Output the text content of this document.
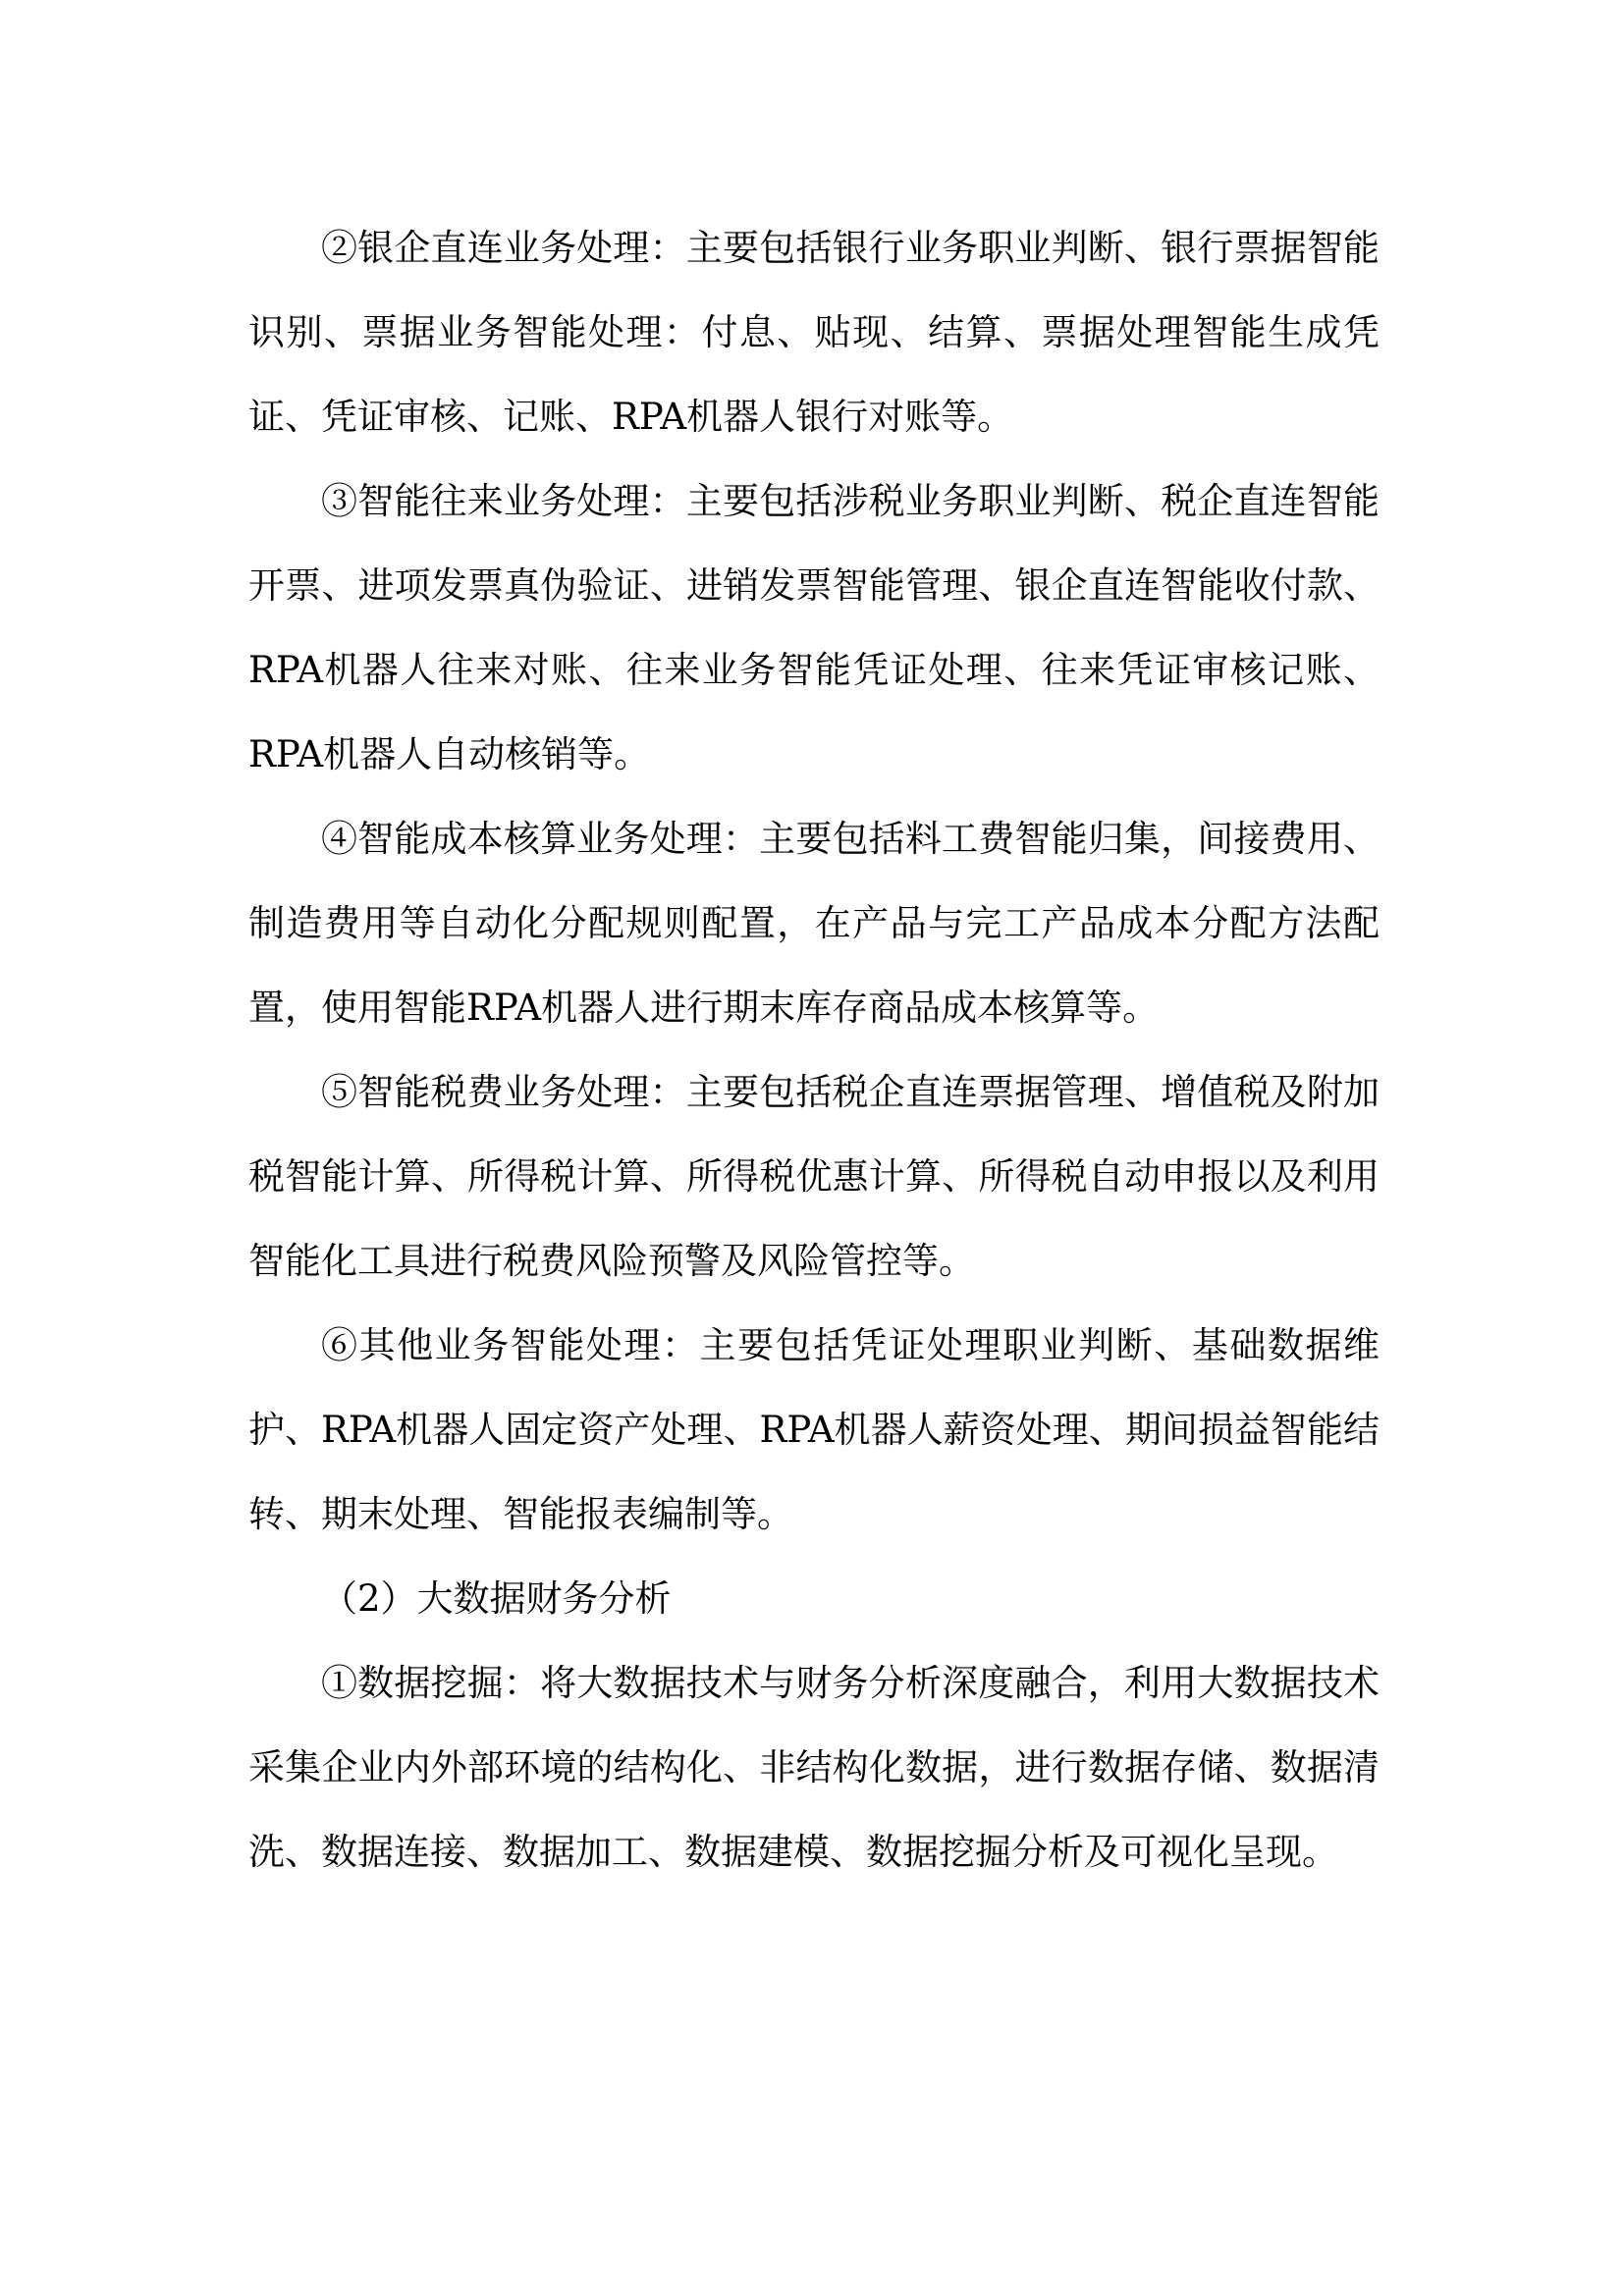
②银企直连业务处理：主要包括银行业务职业判断、银行票据智能识别、票据业务智能处理：付息、贴现、结算、票据处理智能生成凭证、凭证审核、记账、RPA机器人银行对账等。

③智能往来业务处理：主要包括涉税业务职业判断、税企直连智能开票、进项发票真伪验证、进销发票智能管理、银企直连智能收付款、RPA机器人往来对账、往来业务智能凭证处理、往来凭证审核记账、RPA机器人自动核销等。

④智能成本核算业务处理：主要包括料工费智能归集，间接费用、制造费用等自动化分配规则配置，在产品与完工产品成本分配方法配置，使用智能RPA机器人进行期末库存商品成本核算等。

⑤智能税费业务处理：主要包括税企直连票据管理、增值税及附加税智能计算、所得税计算、所得税优惠计算、所得税自动申报以及利用智能化工具进行税费风险预警及风险管控等。

⑥其他业务智能处理：主要包括凭证处理职业判断、基础数据维护、RPA机器人固定资产处理、RPA机器人薪资处理、期间损益智能结转、期末处理、智能报表编制等。

（2）大数据财务分析

①数据挖掘：将大数据技术与财务分析深度融合，利用大数据技术采集企业内外部环境的结构化、非结构化数据，进行数据存储、数据清洗、数据连接、数据加工、数据建模、数据挖掘分析及可视化呈现。
